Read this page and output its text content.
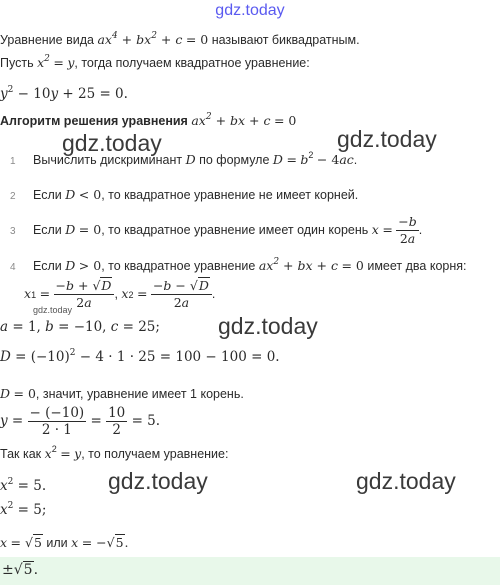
gdz.today
Уравнение вида $ax^4 + bx^2 + c = 0$ называют биквадратным.
Пусть $x^2 = y$, тогда получаем квадратное уравнение:
$y^2 - 10y + 25 = 0$.
Алгоритм решения уравнения $ax^2$ + bx + c = 0
gdz.today	gdz.today
1 Вычислить дискриминант D по формуле $D = b^2 - 4ac$.
2 Если D < 0, то квадратное уравнение не имеет корней.
3 Если D = 0, то квадратное уравнение имеет один корень $x = \frac{-b}{2a}$ .
4 Если D > 0, то квадратное уравнение $ax^2$ + bx + c = 0 имеет два корня:
$x1 = \frac{-b + √D}{2a}$ , $x2 = \frac{-b - √D}{2a}$ .
gdz.today
a = 1, b = −10, c = 25;	gdz.today
$D = (-10)^2 - 4 \cdot 1 \cdot 25 = 100 - 100 = 0$.
D = 0, значит, уравнение имеет 1 корень.
$y = \frac{- (-10)}{2 \cdot 1} = \frac{10}{2} = 5$.
Так как $x^2 = y$, то получаем уравнение:
$x^2 = 5$.	gdz.today	gdz.today
$x^2 = 5$;
x = √5 или x = −√5.
±√5.
